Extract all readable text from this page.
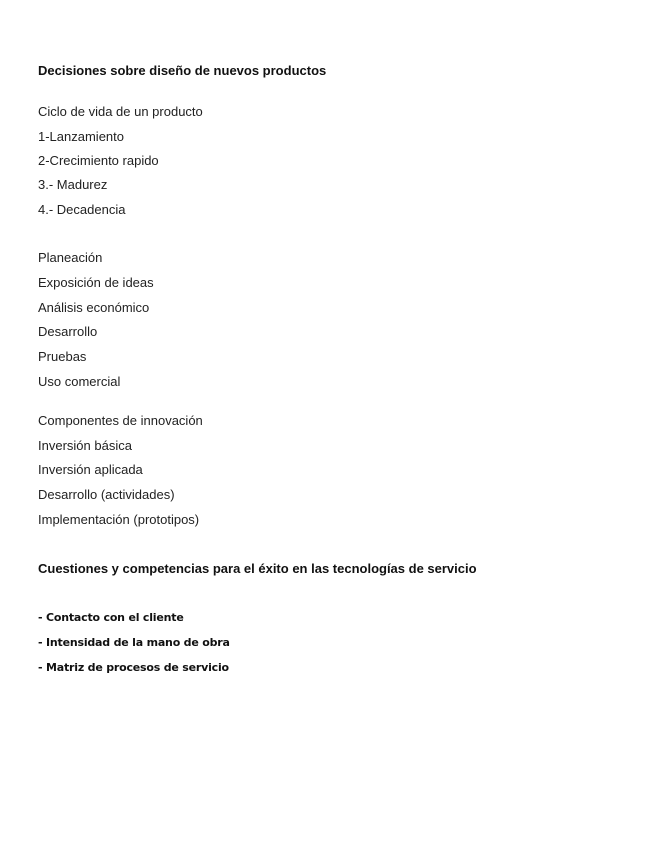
Decisiones sobre diseño de nuevos productos
Ciclo de vida de un producto
1-Lanzamiento
2-Crecimiento rapido
3.- Madurez
4.- Decadencia
Planeación
Exposición de ideas
Análisis económico
Desarrollo
Pruebas
Uso comercial
Componentes de innovación
Inversión básica
Inversión aplicada
Desarrollo (actividades)
Implementación (prototipos)
Cuestiones y competencias para el éxito en las tecnologías de servicio
- Contacto con el cliente
- Intensidad de la mano de obra
- Matriz de procesos de servicio
